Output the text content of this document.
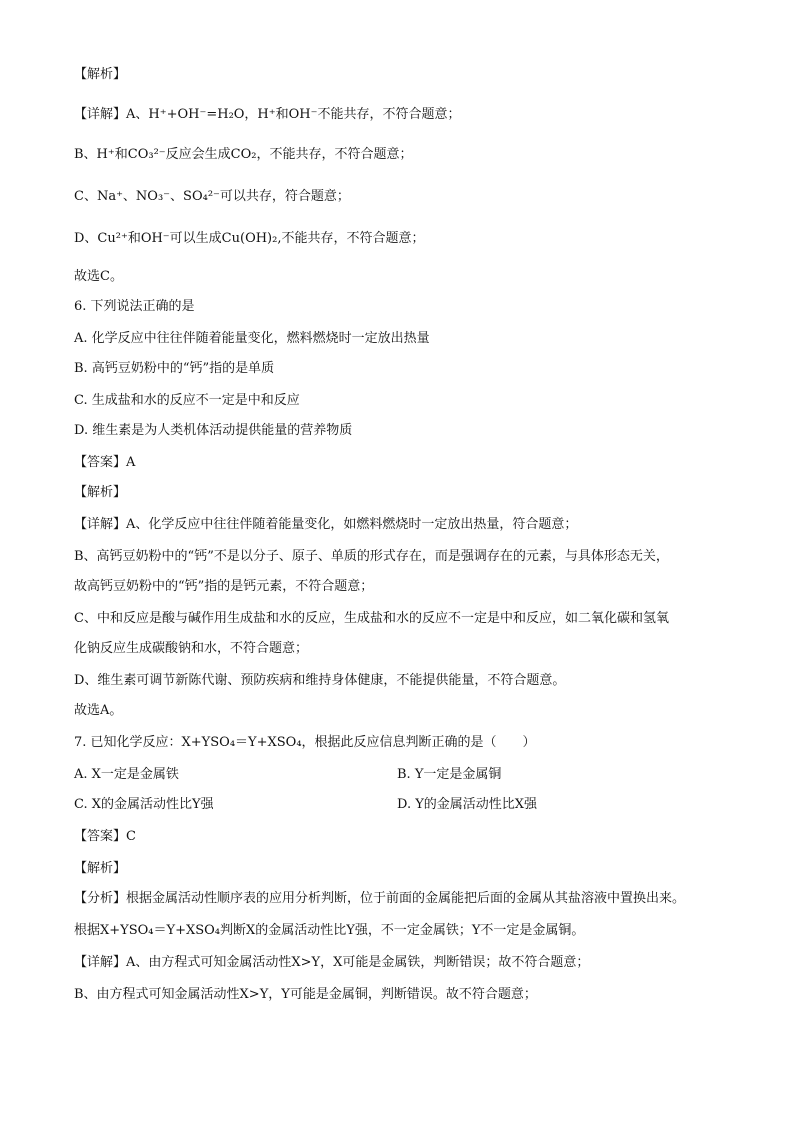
【解析】
【详解】A、H⁺+OH⁻=H₂O，H⁺和OH⁻不能共存，不符合题意；
B、H⁺和CO₃²⁻反应会生成CO₂，不能共存，不符合题意；
C、Na⁺、NO₃⁻、SO₄²⁻可以共存，符合题意；
D、Cu²⁺和OH⁻可以生成Cu(OH)₂,不能共存，不符合题意；
故选C。
6. 下列说法正确的是
A. 化学反应中往往伴随着能量变化，燃料燃烧时一定放出热量
B. 高钙豆奶粉中的“钙”指的是单质
C. 生成盐和水的反应不一定是中和反应
D. 维生素是为人类机体活动提供能量的营养物质
【答案】A
【解析】
【详解】A、化学反应中往往伴随着能量变化，如燃料燃烧时一定放出热量，符合题意；
B、高钙豆奶粉中的“钙”不是以分子、原子、单质的形式存在，而是强调存在的元素，与具体形态无关，
故高钙豆奶粉中的“钙”指的是钙元素，不符合题意；
C、中和反应是酸与碱作用生成盐和水的反应，生成盐和水的反应不一定是中和反应，如二氧化碳和氢氧
化钠反应生成碳酸钠和水，不符合题意；
D、维生素可调节新陈代谢、预防疾病和维持身体健康，不能提供能量，不符合题意。
故选A。
7. 已知化学反应：X+YSO₄＝Y+XSO₄，根据此反应信息判断正确的是（　　）
A. X一定是金属铁
C. X的金属活动性比Y强
【答案】C
【解析】
【分析】根据金属活动性顺序表的应用分析判断，位于前面的金属能把后面的金属从其盐溶液中置换出来。
根据X+YSO₄＝Y+XSO₄判断X的金属活动性比Y强，不一定金属铁；Y不一定是金属铜。
【详解】A、由方程式可知金属活动性X>Y，X可能是金属铁，判断错误；故不符合题意；
B、由方程式可知金属活动性X>Y，Y可能是金属铜，判断错误。故不符合题意；
B. Y一定是金属铜
D. Y的金属活动性比X强
